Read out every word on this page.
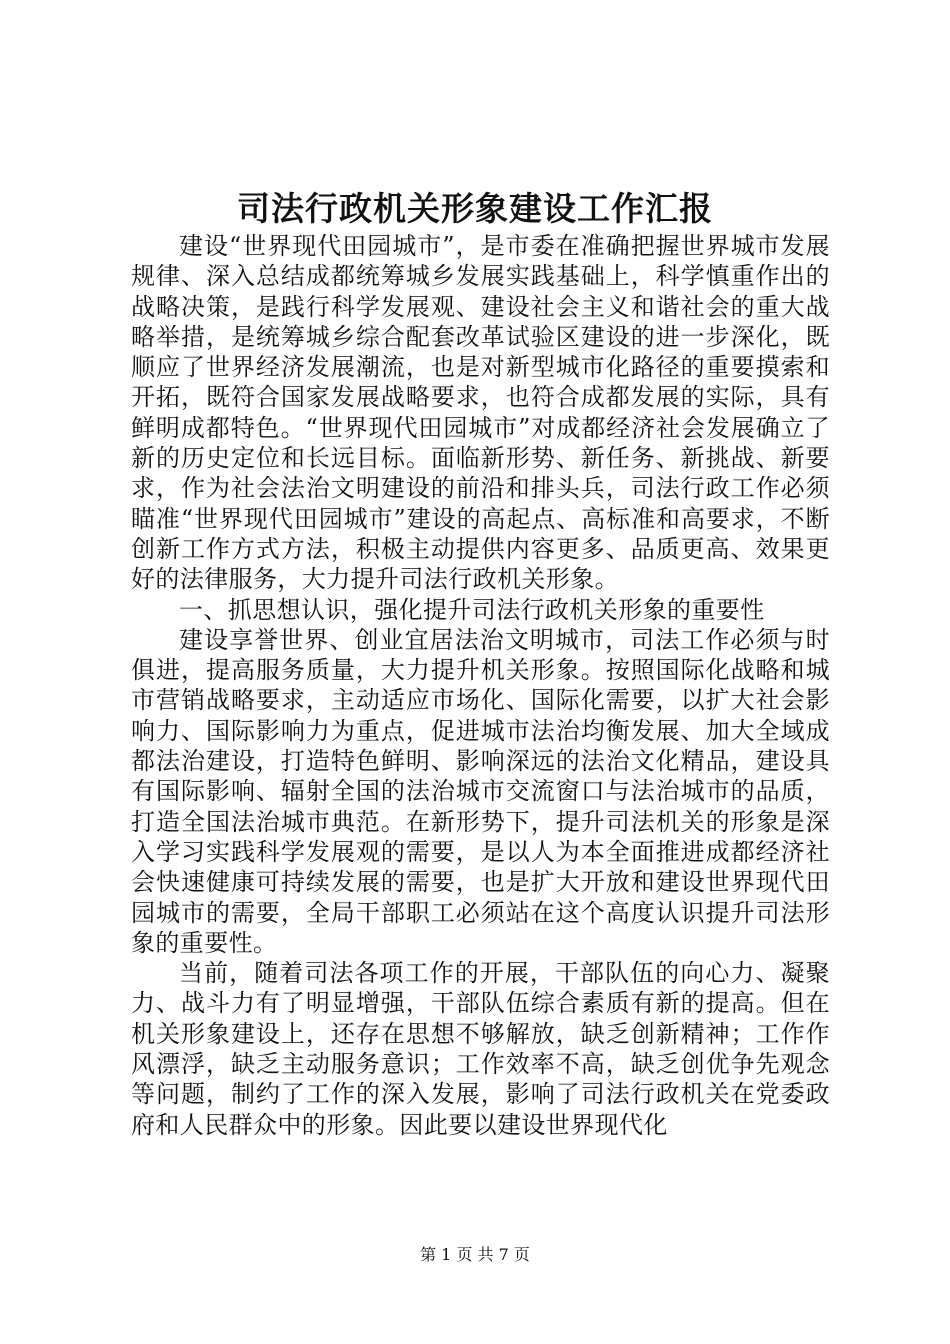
司法行政机关形象建设工作汇报

建设“世界现代田园城市”，是市委在准确把握世界城市发展规律、深入总结成都统筹城乡发展实践基础上，科学慎重作出的战略决策，是践行科学发展观、建设社会主义和谐社会的重大战略举措，是统筹城乡综合配套改革试验区建设的进一步深化，既顺应了世界经济发展潮流，也是对新型城市化路径的重要摸索和开拓，既符合国家发展战略要求，也符合成都发展的实际，具有鲜明成都特色。“世界现代田园城市”对成都经济社会发展确立了新的历史定位和长远目标。面临新形势、新任务、新挑战、新要求，作为社会法治文明建设的前沿和排头兵，司法行政工作必须瞄准“世界现代田园城市”建设的高起点、高标准和高要求，不断创新工作方式方法，积极主动提供内容更多、品质更高、效果更好的法律服务，大力提升司法行政机关形象。

一、抓思想认识，强化提升司法行政机关形象的重要性

建设享誉世界、创业宜居法治文明城市，司法工作必须与时俱进，提高服务质量，大力提升机关形象。按照国际化战略和城市营销战略要求，主动适应市场化、国际化需要，以扩大社会影响力、国际影响力为重点，促进城市法治均衡发展、加大全域成都法治建设，打造特色鲜明、影响深远的法治文化精品，建设具有国际影响、辐射全国的法治城市交流窗口与法治城市的品质，打造全国法治城市典范。在新形势下，提升司法机关的形象是深入学习实践科学发展观的需要，是以人为本全面推进成都经济社会快速健康可持续发展的需要，也是扩大开放和建设世界现代田园城市的需要，全局干部职工必须站在这个高度认识提升司法形象的重要性。

当前，随着司法各项工作的开展，干部队伍的向心力、凝聚力、战斗力有了明显增强，干部队伍综合素质有新的提高。但在机关形象建设上，还存在思想不够解放，缺乏创新精神；工作作风漂浮，缺乏主动服务意识；工作效率不高，缺乏创优争先观念等问题，制约了工作的深入发展，影响了司法行政机关在党委政府和人民群众中的形象。因此要以建设世界现代化

第 1 页 共 7 页
